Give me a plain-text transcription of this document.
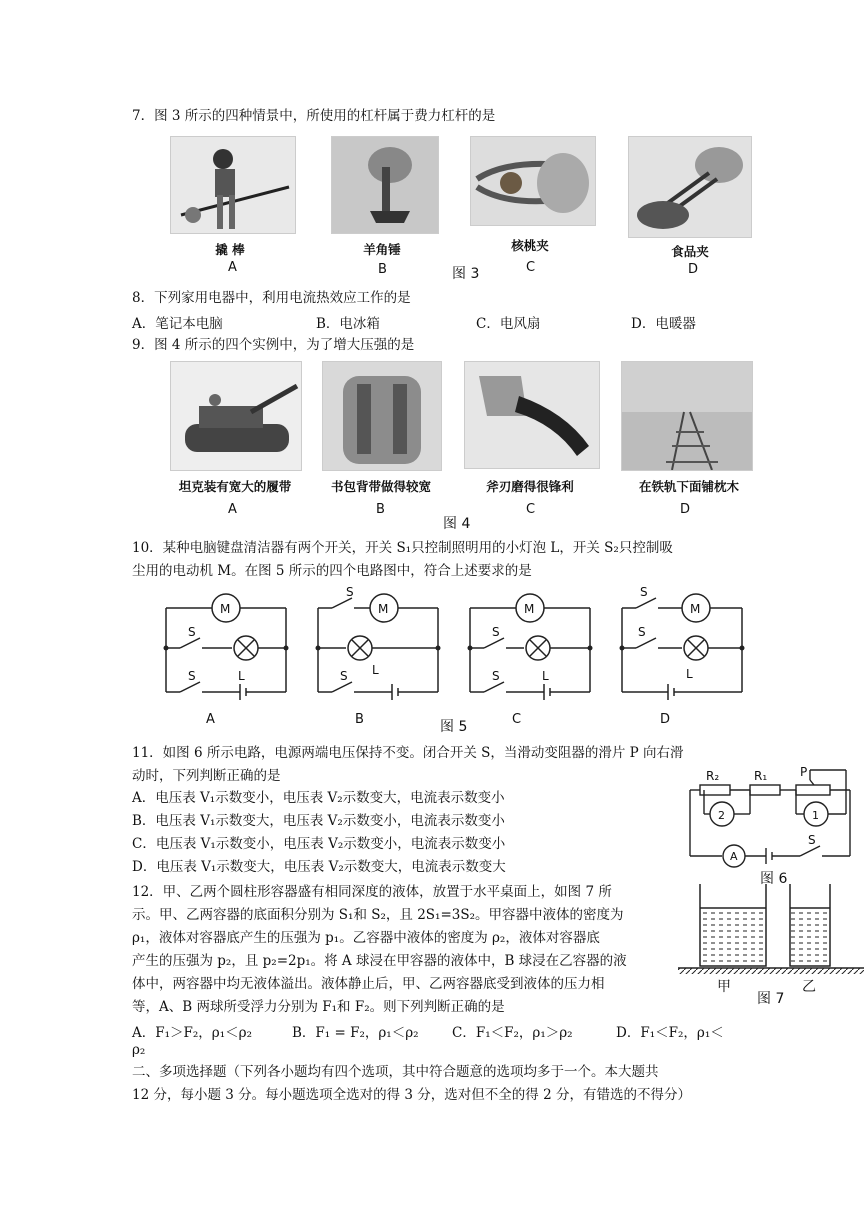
7．图 3 所示的四种情景中，所使用的杠杆属于费力杠杆的是
撬 棒	羊角锤	核桃夹	食品夹
A	B	C	D
图 3
8．下列家用电器中，利用电流热效应工作的是
A．笔记本电脑	B．电冰箱	C．电风扇	D．电暖器
9．图 4 所示的四个实例中，为了增大压强的是
坦克装有宽大的履带	书包背带做得较宽	斧刃磨得很锋利	在铁轨下面铺枕木
A	B	C	D
图 4
10．某种电脑键盘清洁器有两个开关，开关 S₁只控制照明用的小灯泡 L，开关 S₂只控制吸
尘用的电动机 M。在图 5 所示的四个电路图中，符合上述要求的是
M
S
S	L
S
M
L
S
M
S
S	L
S
M
S
L
A	B	C	D
图 5
11．如图 6 所示电路，电源两端电压保持不变。闭合开关 S，当滑动变阻器的滑片 P 向右滑
动时，下列判断正确的是
A．电压表 V₁示数变小，电压表 V₂示数变大，电流表示数变小
B．电压表 V₁示数变大，电压表 V₂示数变小，电流表示数变小
C．电压表 V₁示数变小，电压表 V₂示数变小，电流表示数变小
D．电压表 V₁示数变大，电压表 V₂示数变大，电流表示数变大
R₂	R₁	P
2	1
A
S
图 6
12．甲、乙两个圆柱形容器盛有相同深度的液体，放置于水平桌面上，如图 7 所
示。甲、乙两容器的底面积分别为 S₁和 S₂，且 2S₁=3S₂。甲容器中液体的密度为
ρ₁，液体对容器底产生的压强为 p₁。乙容器中液体的密度为 ρ₂，液体对容器底
产生的压强为 p₂，且 p₂=2p₁。将 A 球浸在甲容器的液体中，B 球浸在乙容器的液
体中，两容器中均无液体溢出。液体静止后，甲、乙两容器底受到液体的压力相
等，A、B 两球所受浮力分别为 F₁和 F₂。则下列判断正确的是
A．F₁＞F₂，ρ₁＜ρ₂	B．F₁ = F₂，ρ₁＜ρ₂ C．F₁＜F₂，ρ₁＞ρ₂	D．F₁＜F₂，ρ₁＜
ρ₂
甲
图 7
乙
二、多项选择题（下列各小题均有四个选项，其中符合题意的选项均多于一个。本大题共
12 分，每小题 3 分。每小题选项全选对的得 3 分，选对但不全的得 2 分，有错选的不得分）
